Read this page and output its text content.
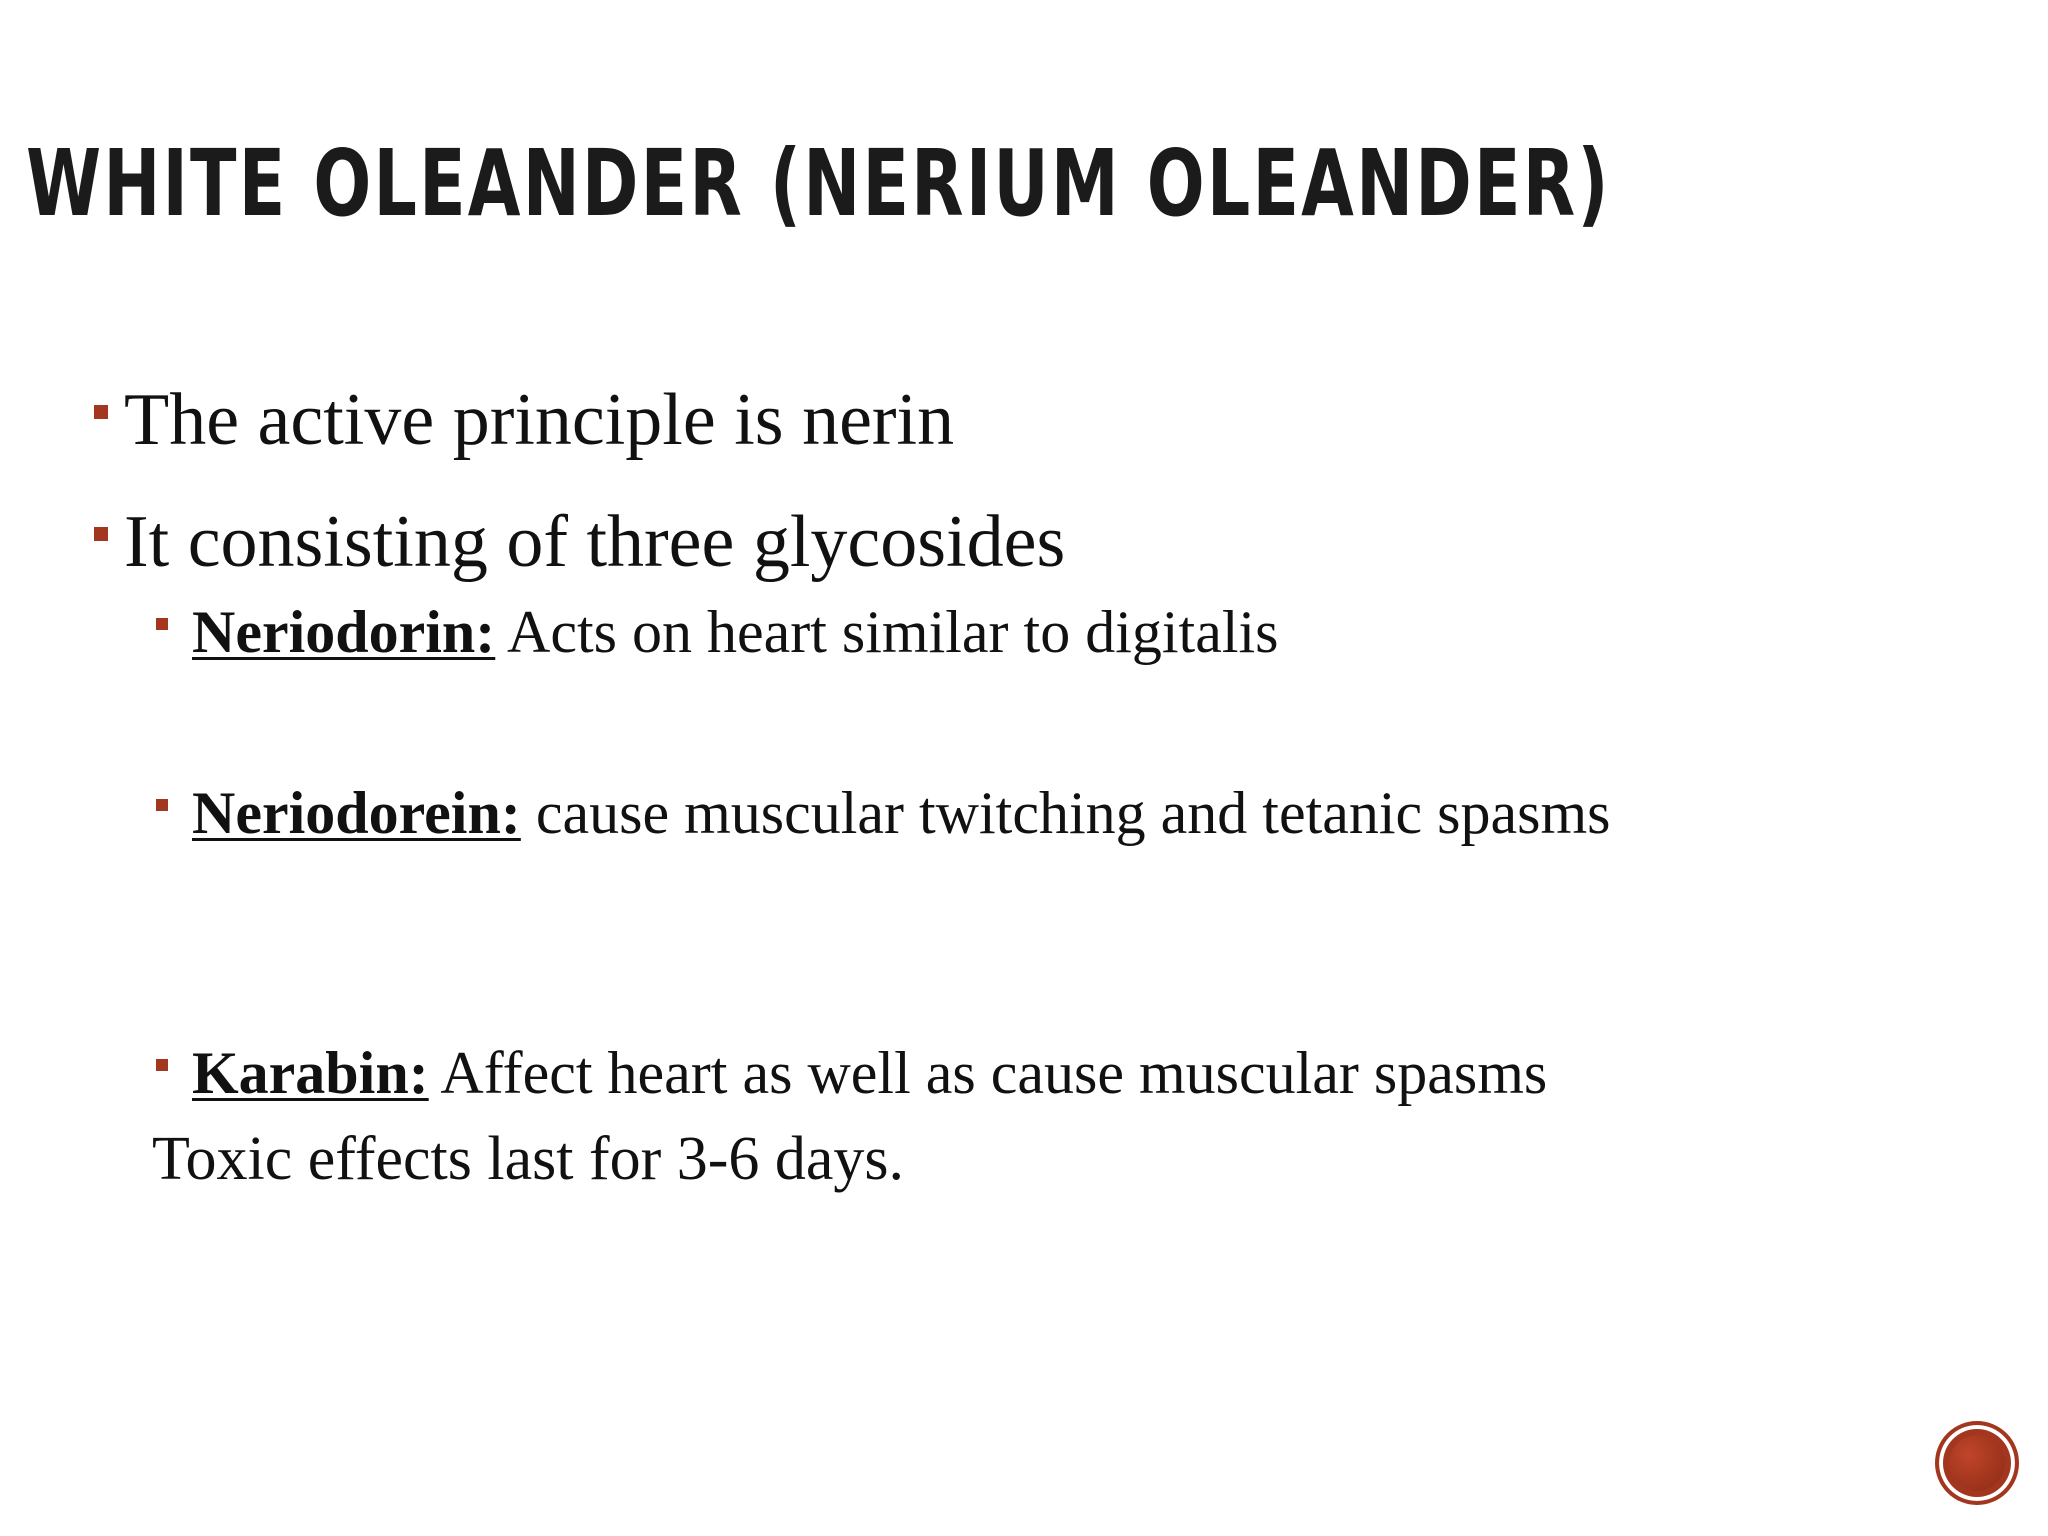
WHITE OLEANDER (NERIUM OLEANDER)
The active principle is nerin
It consisting of three glycosides
Neriodorin: Acts on heart similar to digitalis
Neriodorein: cause muscular twitching and tetanic spasms
Karabin: Affect heart as well as cause muscular spasms
Toxic effects last for 3-6 days.
